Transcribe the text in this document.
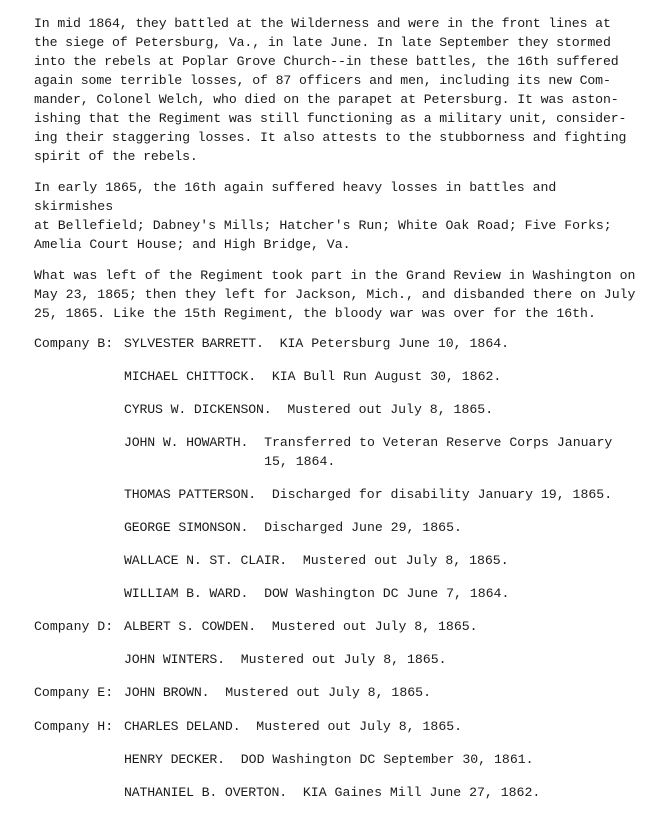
In mid 1864, they battled at the Wilderness and were in the front lines at
the siege of Petersburg, Va., in late June. In late September they stormed
into the rebels at Poplar Grove Church--in these battles, the 16th suffered
again some terrible losses, of 87 officers and men, including its new Com-
mander, Colonel Welch, who died on the parapet at Petersburg. It was aston-
ishing that the Regiment was still functioning as a military unit, consider-
ing their staggering losses. It also attests to the stubborness and fighting
spirit of the rebels.

In early 1865, the 16th again suffered heavy losses in battles and skirmishes
at Bellefield; Dabney's Mills; Hatcher's Run; White Oak Road; Five Forks;
Amelia Court House; and High Bridge, Va.

What was left of the Regiment took part in the Grand Review in Washington on
May 23, 1865; then they left for Jackson, Mich., and disbanded there on July
25, 1865. Like the 15th Regiment, the bloody war was over for the 16th.

Company B: SYLVESTER BARRETT. KIA Petersburg June 10, 1864.
MICHAEL CHITTOCK. KIA Bull Run August 30, 1862.
CYRUS W. DICKENSON. Mustered out July 8, 1865.
JOHN W. HOWARTH.
Transferred to Veteran Reserve Corps January
15, 1864.
THOMAS PATTERSON. Discharged for disability January 19, 1865.
GEORGE SIMONSON. Discharged June 29, 1865.
WALLACE N. ST. CLAIR. Mustered out July 8, 1865.
WILLIAM B. WARD. DOW Washington DC June 7, 1864.
Company D: ALBERT S. COWDEN. Mustered out July 8, 1865.
JOHN WINTERS. Mustered out July 8, 1865.
Company E: JOHN BROWN. Mustered out July 8, 1865.
Company H: CHARLES DELAND. Mustered out July 8, 1865.
HENRY DECKER. DOD Washington DC September 30, 1861.
NATHANIEL B. OVERTON. KIA Gaines Mill June 27, 1862.
